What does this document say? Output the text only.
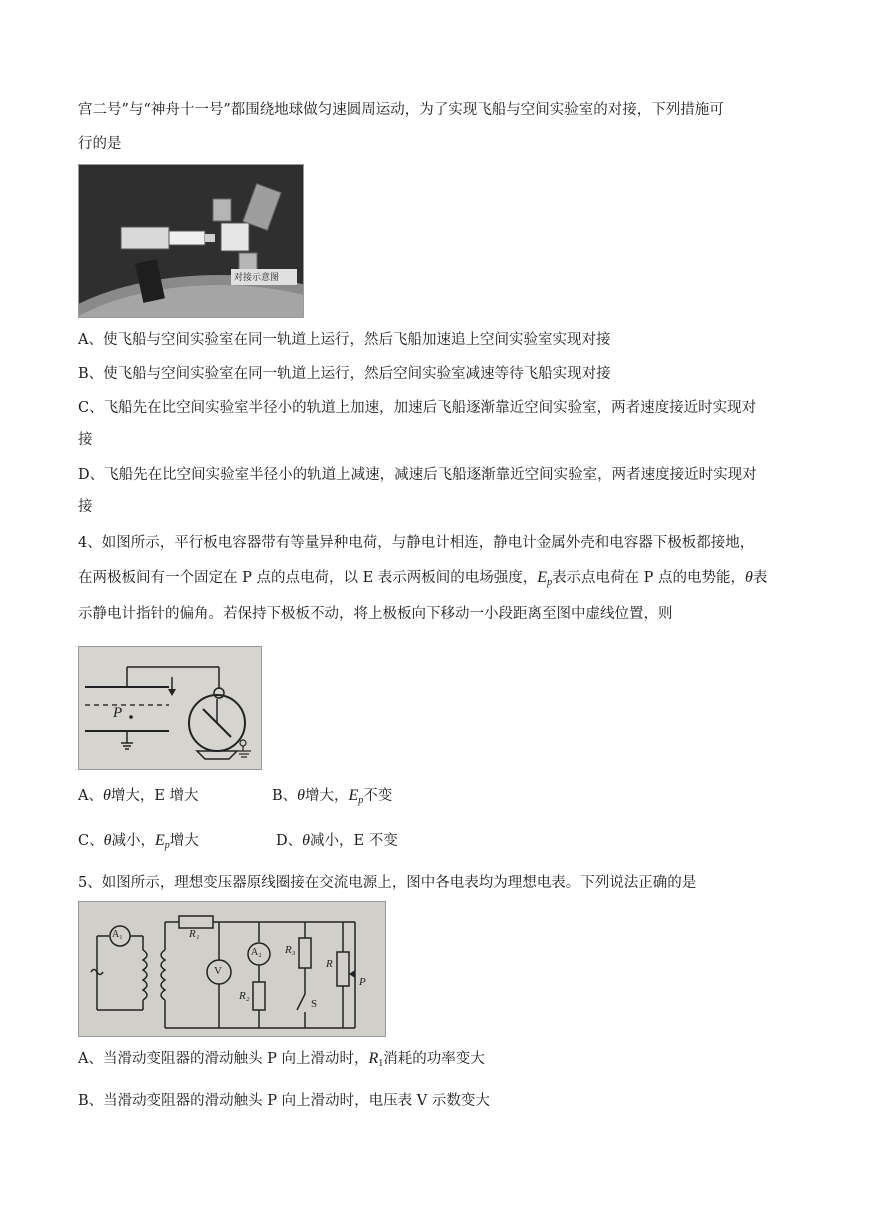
宫二号”与“神舟十一号”都围绕地球做匀速圆周运动，为了实现飞船与空间实验室的对接，下列措施可
行的是
对接示意图
A、使飞船与空间实验室在同一轨道上运行，然后飞船加速追上空间实验室实现对接
B、使飞船与空间实验室在同一轨道上运行，然后空间实验室减速等待飞船实现对接
C、飞船先在比空间实验室半径小的轨道上加速，加速后飞船逐渐靠近空间实验室，两者速度接近时实现对
接
D、飞船先在比空间实验室半径小的轨道上减速，减速后飞船逐渐靠近空间实验室，两者速度接近时实现对
接
4、如图所示，平行板电容器带有等量异种电荷，与静电计相连，静电计金属外壳和电容器下极板都接地，
在两极板间有一个固定在 P 点的点电荷，以 E 表示两板间的电场强度，$E_p$表示点电荷在 P 点的电势能，θ表
示静电计指针的偏角。若保持下极板不动，将上极板向下移动一小段距离至图中虚线位置，则
P
A、θ增大，E 增大	B、θ增大，$E_p$不变
C、θ减小，$E_p$增大	D、θ减小，E 不变
5、如图所示，理想变压器原线圈接在交流电源上，图中各电表均为理想电表。下列说法正确的是
A₁	R₁
V
A₂
R₂
R₃
R
S
P
A、当滑动变阻器的滑动触头 P 向上滑动时，$R_1$消耗的功率变大
B、当滑动变阻器的滑动触头 P 向上滑动时，电压表 V 示数变大
